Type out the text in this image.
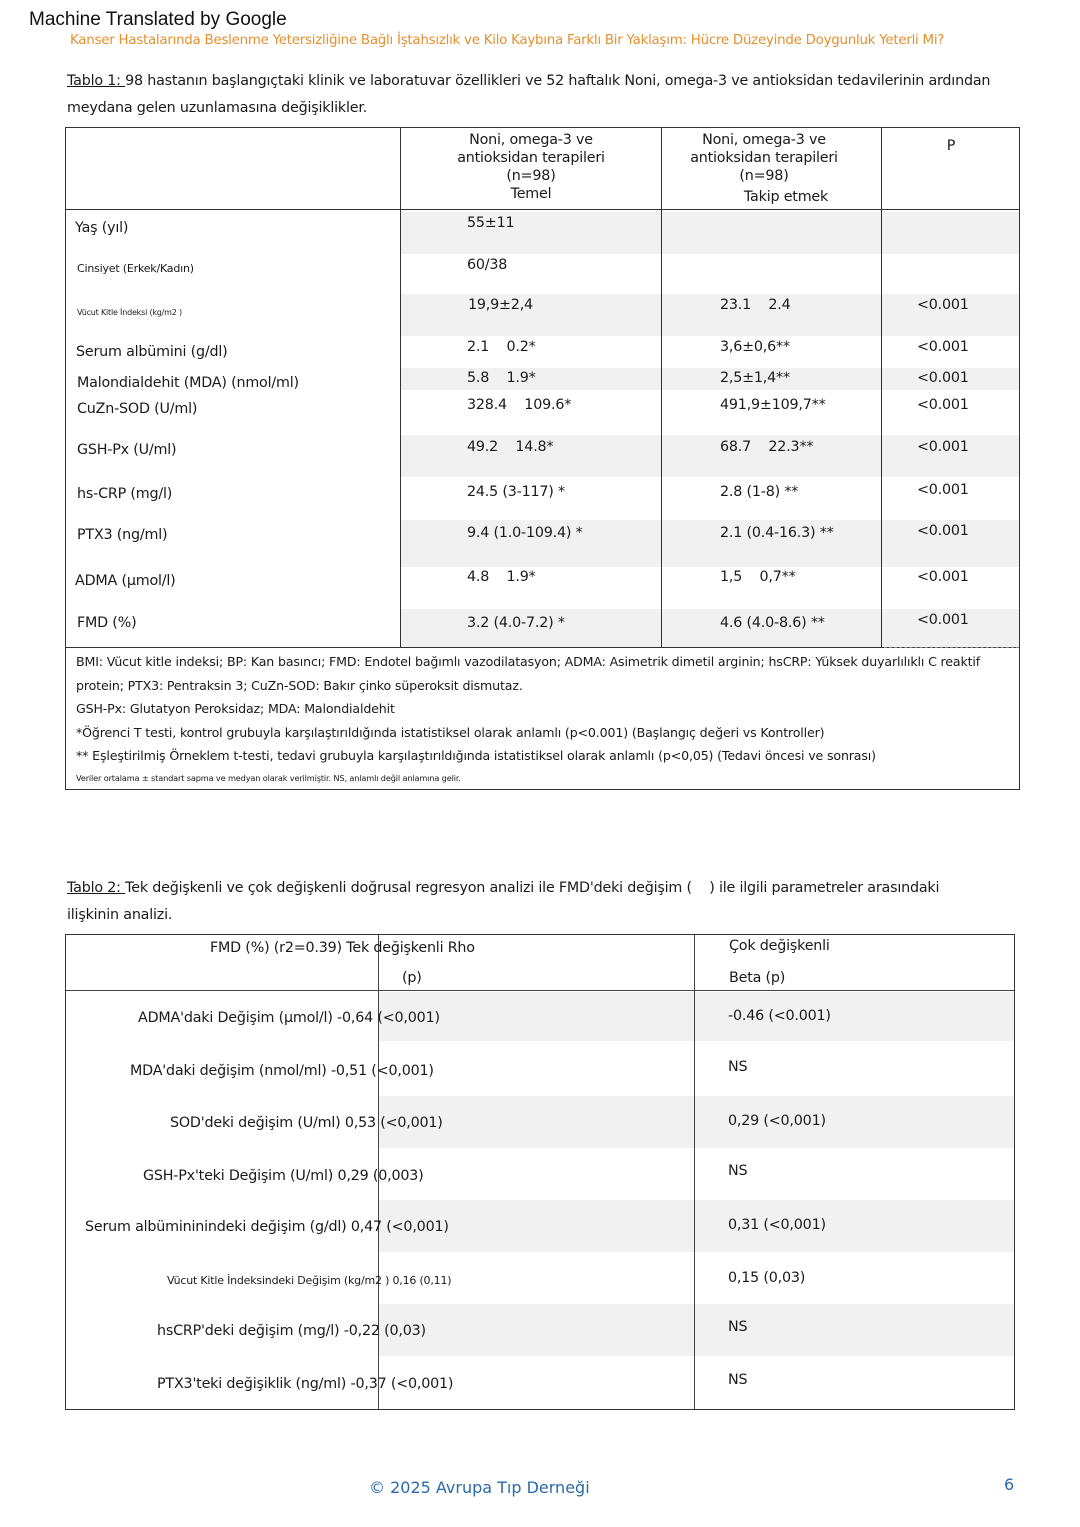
Machine Translated by Google
Kanser Hastalarında Beslenme Yetersizliğine Bağlı İştahsızlık ve Kilo Kaybına Farklı Bir Yaklaşım: Hücre Düzeyinde Doygunluk Yeterli Mi?
Tablo 1: 98 hastanın başlangıçtaki klinik ve laboratuvar özellikleri ve 52 haftalık Noni, omega-3 ve antioksidan tedavilerinin ardından
meydana gelen uzunlamasına değişiklikler.
Noni, omega-3 ve
antioksidan terapileri
(n=98)
Temel
Noni, omega-3 ve
antioksidan terapileri
(n=98)
Takip etmek
P
Yaş (yıl)
Cinsiyet (Erkek/Kadın)
Vücut Kitle İndeksi (kg/m2 )
Serum albümini (g/dl)
Malondialdehit (MDA) (nmol/ml)
CuZn-SOD (U/ml)
GSH-Px (U/ml)
hs-CRP (mg/l)
PTX3 (ng/ml)
ADMA (µmol/l)
FMD (%)
55±11
60/38
19,9±2,4
2.1    0.2*
5.8    1.9*
328.4    109.6*
49.2    14.8*
24.5 (3-117) *
9.4 (1.0-109.4) *
4.8    1.9*
3.2 (4.0-7.2) *
23.1    2.4
3,6±0,6**
2,5±1,4**
491,9±109,7**
68.7    22.3**
2.8 (1-8) **
2.1 (0.4-16.3) **
1,5    0,7**
4.6 (4.0-8.6) **
<0.001
<0.001
<0.001
<0.001
<0.001
<0.001
<0.001
<0.001
<0.001
BMI: Vücut kitle indeksi; BP: Kan basıncı; FMD: Endotel bağımlı vazodilatasyon; ADMA: Asimetrik dimetil arginin; hsCRP: Yüksek duyarlılıklı C reaktif
protein; PTX3: Pentraksin 3; CuZn-SOD: Bakır çinko süperoksit dismutaz.
GSH-Px: Glutatyon Peroksidaz; MDA: Malondialdehit
*Öğrenci T testi, kontrol grubuyla karşılaştırıldığında istatistiksel olarak anlamlı (p<0.001) (Başlangıç değeri vs Kontroller)
** Eşleştirilmiş Örneklem t-testi, tedavi grubuyla karşılaştırıldığında istatistiksel olarak anlamlı (p<0,05) (Tedavi öncesi ve sonrası)
Veriler ortalama ± standart sapma ve medyan olarak verilmiştir. NS, anlamlı değil anlamına gelir.
Tablo 2: Tek değişkenli ve çok değişkenli doğrusal regresyon analizi ile FMD'deki değişim (    ) ile ilgili parametreler arasındaki
ilişkinin analizi.
FMD (%) (r2=0.39) Tek değişkenli Rho
(p)
Çok değişkenli
Beta (p)
ADMA'daki Değişim (µmol/l) -0,64 (<0,001)
MDA'daki değişim (nmol/ml) -0,51 (<0,001)
SOD'deki değişim (U/ml) 0,53 (<0,001)
GSH-Px'teki Değişim (U/ml) 0,29 (0,003)
Serum albümininindeki değişim (g/dl) 0,47 (<0,001)
Vücut Kitle İndeksindeki Değişim (kg/m2 ) 0,16 (0,11)
hsCRP'deki değişim (mg/l) -0,22 (0,03)
PTX3'teki değişiklik (ng/ml) -0,37 (<0,001)
-0.46 (<0.001)
NS
0,29 (<0,001)
NS
0,31 (<0,001)
0,15 (0,03)
NS
NS
© 2025 Avrupa Tıp Derneği	6
